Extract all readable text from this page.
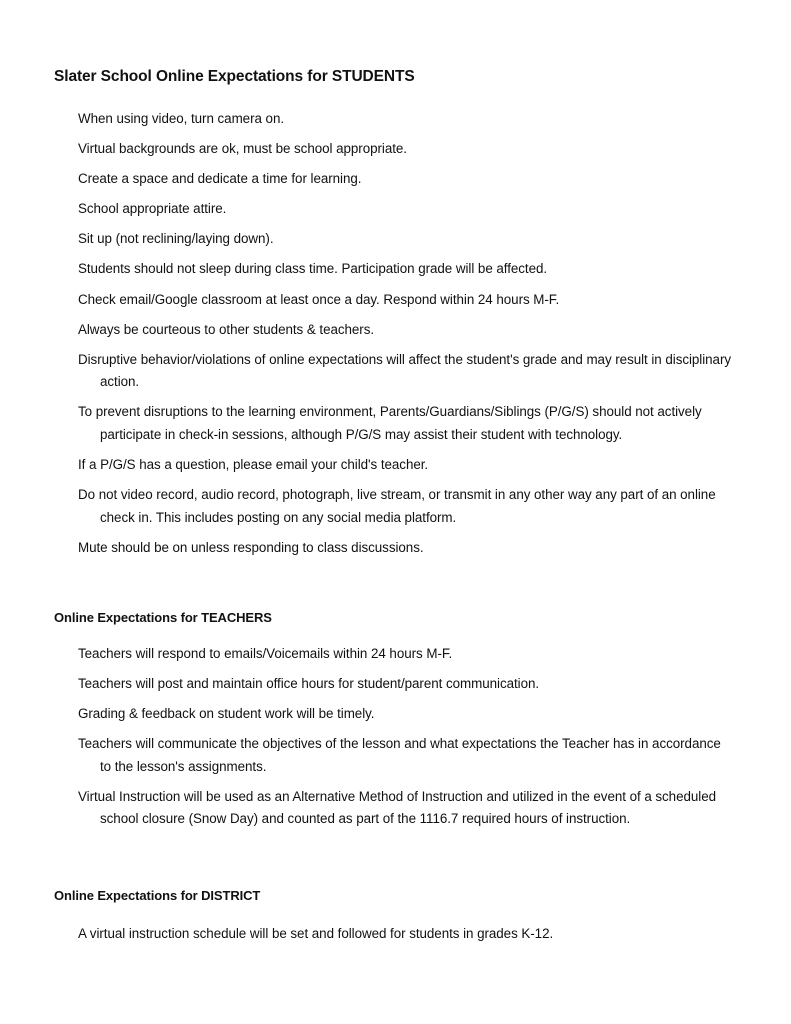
Slater School Online Expectations for STUDENTS
When using video, turn camera on.
Virtual backgrounds are ok, must be school appropriate.
Create a space and dedicate a time for learning.
School appropriate attire.
Sit up (not reclining/laying down).
Students should not sleep during class time. Participation grade will be affected.
Check email/Google classroom at least once a day. Respond within 24 hours M-F.
Always be courteous to other students & teachers.
Disruptive behavior/violations of online expectations will affect the student's grade and may result in disciplinary action.
To prevent disruptions to the learning environment, Parents/Guardians/Siblings (P/G/S) should not actively participate in check-in sessions, although P/G/S may assist their student with technology.
If a P/G/S has a question, please email your child's teacher.
Do not video record, audio record, photograph, live stream, or transmit in any other way any part of an online check in. This includes posting on any social media platform.
Mute should be on unless responding to class discussions.
Online Expectations for TEACHERS
Teachers will respond to emails/Voicemails within 24 hours M-F.
Teachers will post and maintain office hours for student/parent communication.
Grading & feedback on student work will be timely.
Teachers will communicate the objectives of the lesson and what expectations the Teacher has in accordance to the lesson's assignments.
Virtual Instruction will be used as an Alternative Method of Instruction and utilized in the event of a scheduled school closure (Snow Day) and counted as part of the 1116.7 required hours of instruction.
Online Expectations for DISTRICT
A virtual instruction schedule will be set and followed for students in grades K-12.
